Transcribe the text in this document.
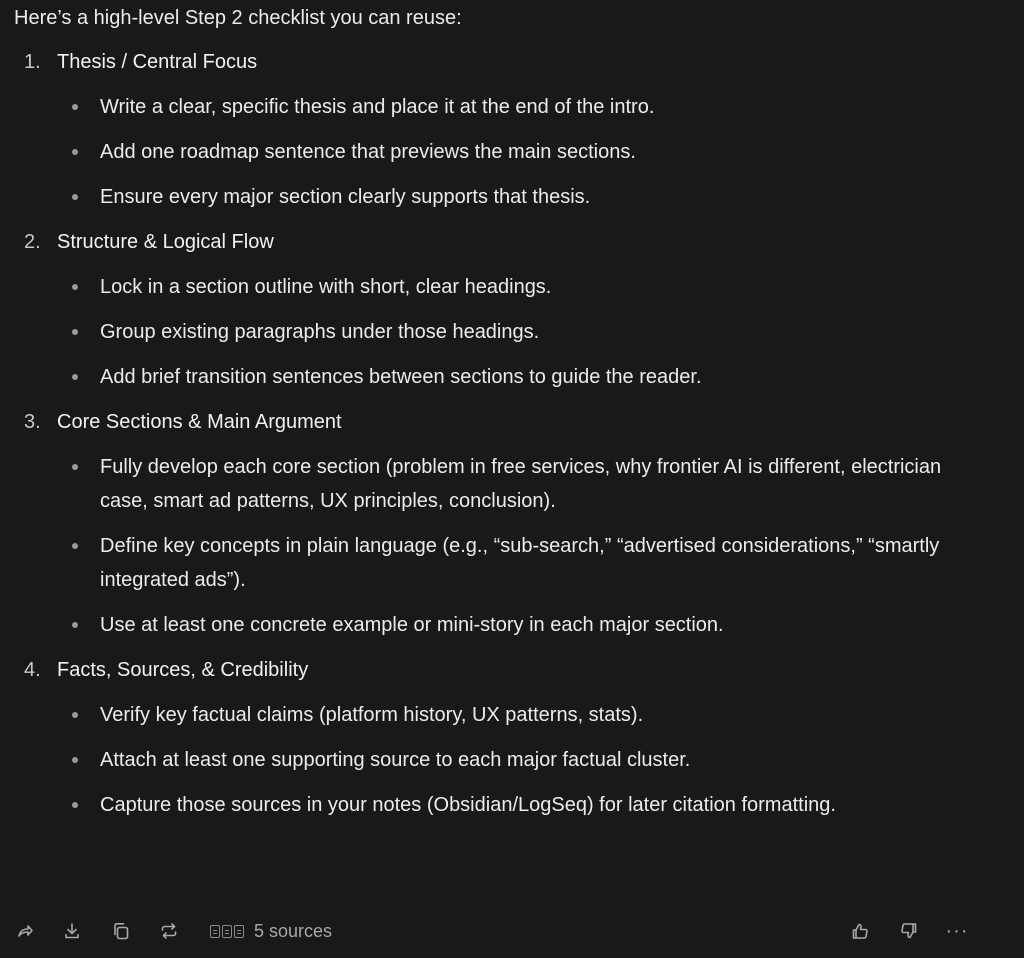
Here’s a high-level Step 2 checklist you can reuse:

1. Thesis / Central Focus
Write a clear, specific thesis and place it at the end of the intro.
Add one roadmap sentence that previews the main sections.
Ensure every major section clearly supports that thesis.
2. Structure & Logical Flow
Lock in a section outline with short, clear headings.
Group existing paragraphs under those headings.
Add brief transition sentences between sections to guide the reader.
3. Core Sections & Main Argument
Fully develop each core section (problem in free services, why frontier AI is different, electrician case, smart ad patterns, UX principles, conclusion).
Define key concepts in plain language (e.g., “sub-search,” “advertised considerations,” “smartly integrated ads”).
Use at least one concrete example or mini-story in each major section.
4. Facts, Sources, & Credibility
Verify key factual claims (platform history, UX patterns, stats).
Attach at least one supporting source to each major factual cluster.
Capture those sources in your notes (Obsidian/LogSeq) for later citation formatting.
5 sources	···
